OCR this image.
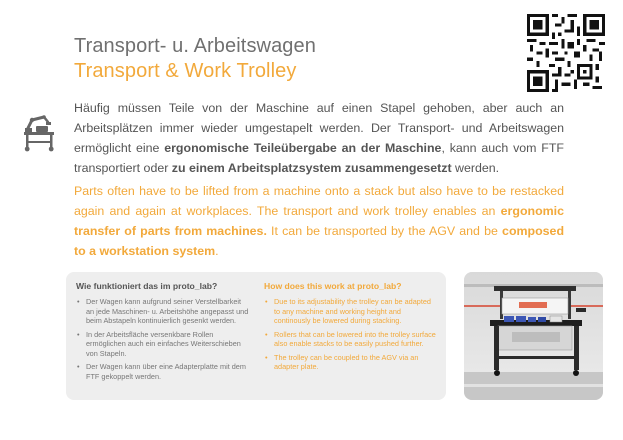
Transport- u. Arbeitswagen
Transport & Work Trolley

Häufig müssen Teile von der Maschine auf einen Stapel gehoben, aber auch an Arbeitsplätzen immer wieder umgestapelt werden. Der Transport- und Arbeitswagen ermöglicht eine ergonomische Teileübergabe an der Maschine, kann auch vom FTF transportiert oder zu einem Arbeitsplatzsystem zusammengesetzt werden.

Parts often have to be lifted from a machine onto a stack but also have to be restacked again and again at workplaces. The transport and work trolley enables an ergonomic transfer of parts from machines. It can be transported by the AGV and be composed to a workstation system.

Wie funktioniert das im proto_lab?
• Der Wagen kann aufgrund seiner Verstellbarkeit an jede Maschinen- u. Arbeitshöhe angepasst und beim Abstapeln kontinuierlich gesenkt werden.
• In der Arbeitsfläche versenkbare Rollen ermöglichen auch ein einfaches Weiterschieben von Stapeln.
• Der Wagen kann über eine Adapterplatte mit dem FTF gekoppelt werden.
How does this work at proto_lab?
• Due to its adjustability the trolley can be adapted to any machine and working height and continously be lowered during stacking.
• Rollers that can be lowered into the trolley surface also enable stacks to be easily pushed further.
• The trolley can be coupled to the AGV via an adapter plate.
